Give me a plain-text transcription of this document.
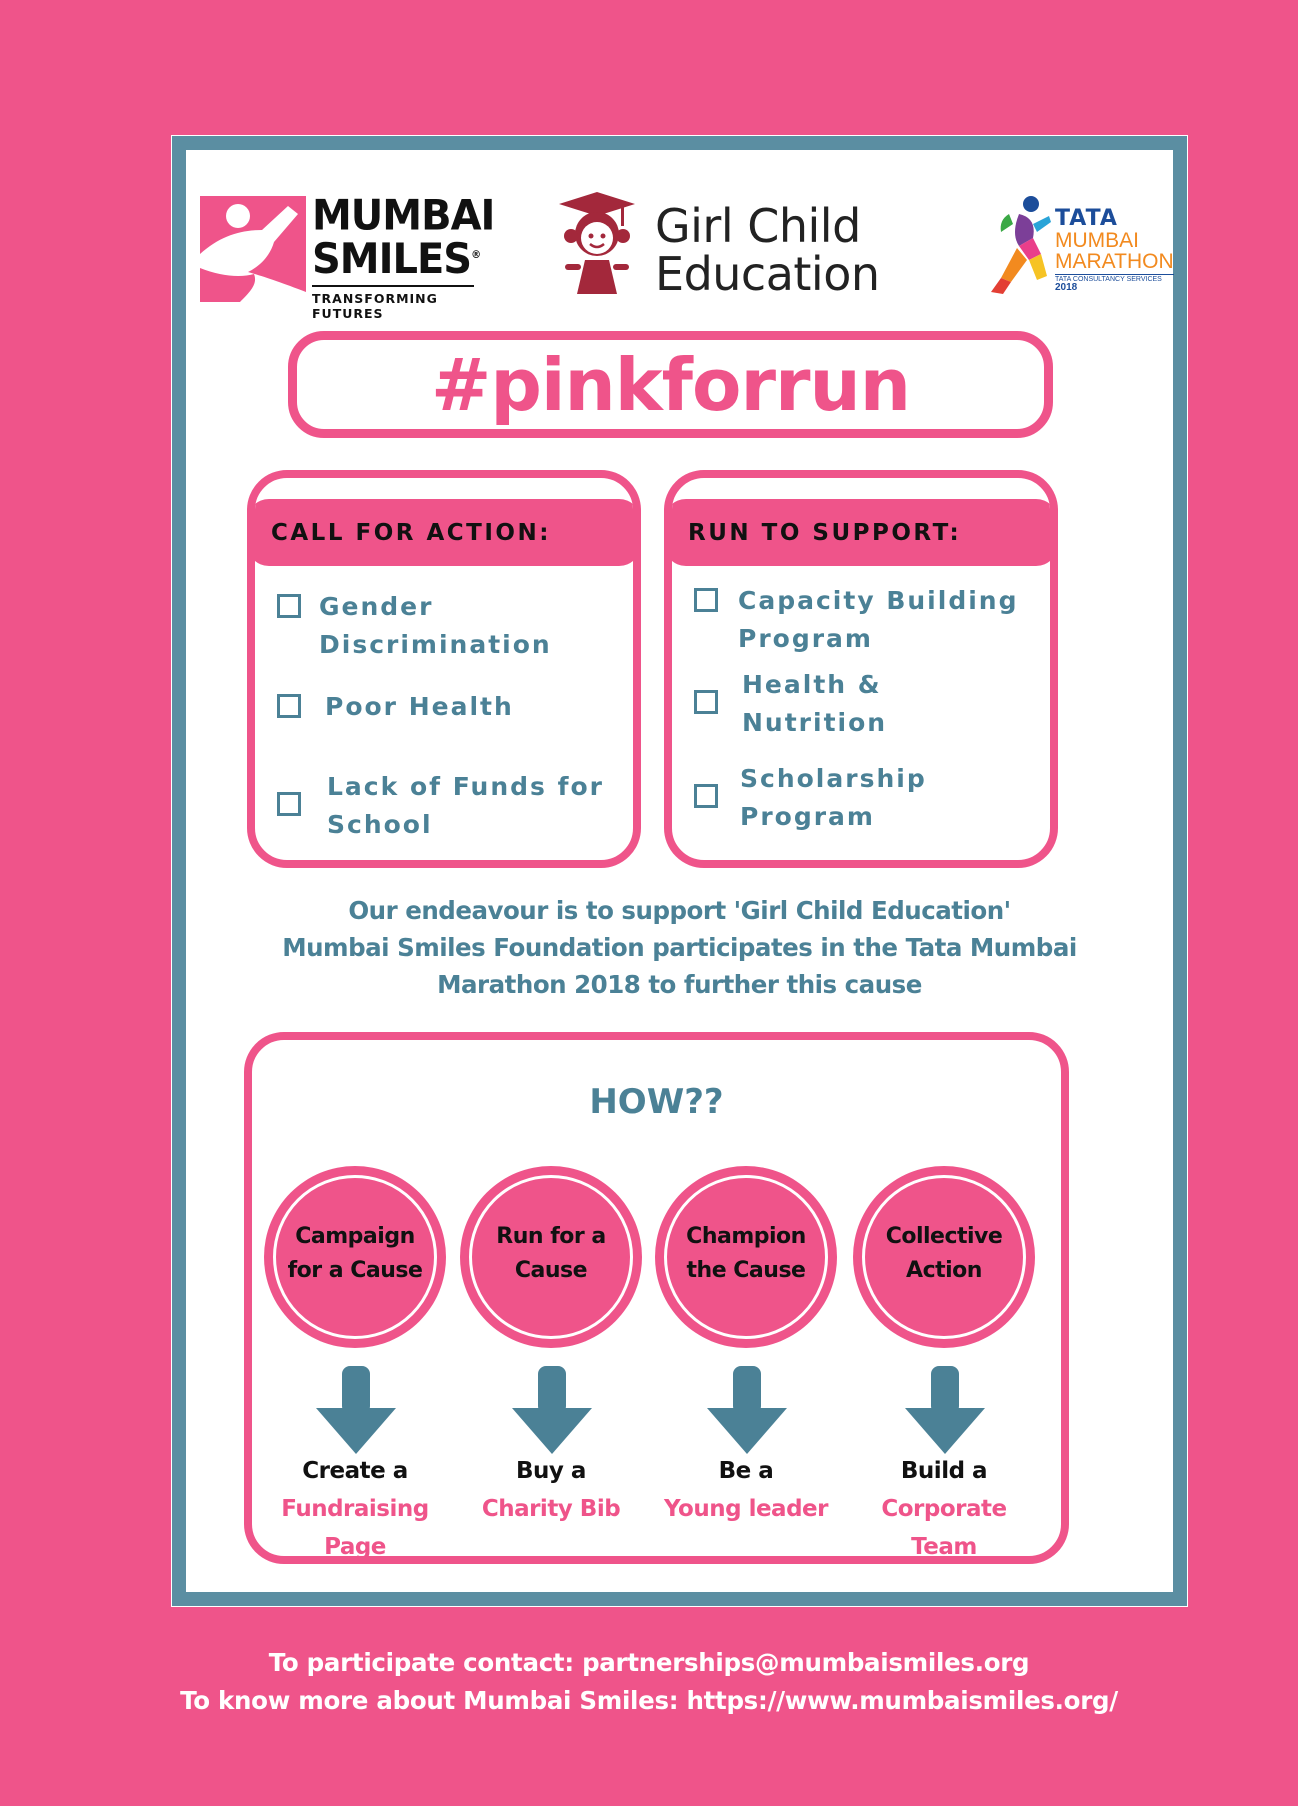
MUMBAI
SMILES®
TRANSFORMING FUTURES
Girl Child
Education
TATA
MUMBAI
MARATHON
TATA CONSULTANCY SERVICES
2018
#pinkforrun
CALL FOR ACTION:
Gender
Discrimination
Poor Health
Lack of Funds for
School
RUN TO SUPPORT:
Capacity Building
Program
Health &
Nutrition
Scholarship
Program
Our endeavour is to support 'Girl Child Education'
Mumbai Smiles Foundation participates in the Tata Mumbai
Marathon 2018 to further this cause
HOW??
Campaign
for a Cause
Create a
Fundraising
Page
Run for a
Cause
Buy a
Charity Bib
Champion
the Cause
Be a
Young leader
Collective
Action
Build a
Corporate
Team
To participate contact: partnerships@mumbaismiles.org
To know more about Mumbai Smiles: https://www.mumbaismiles.org/
